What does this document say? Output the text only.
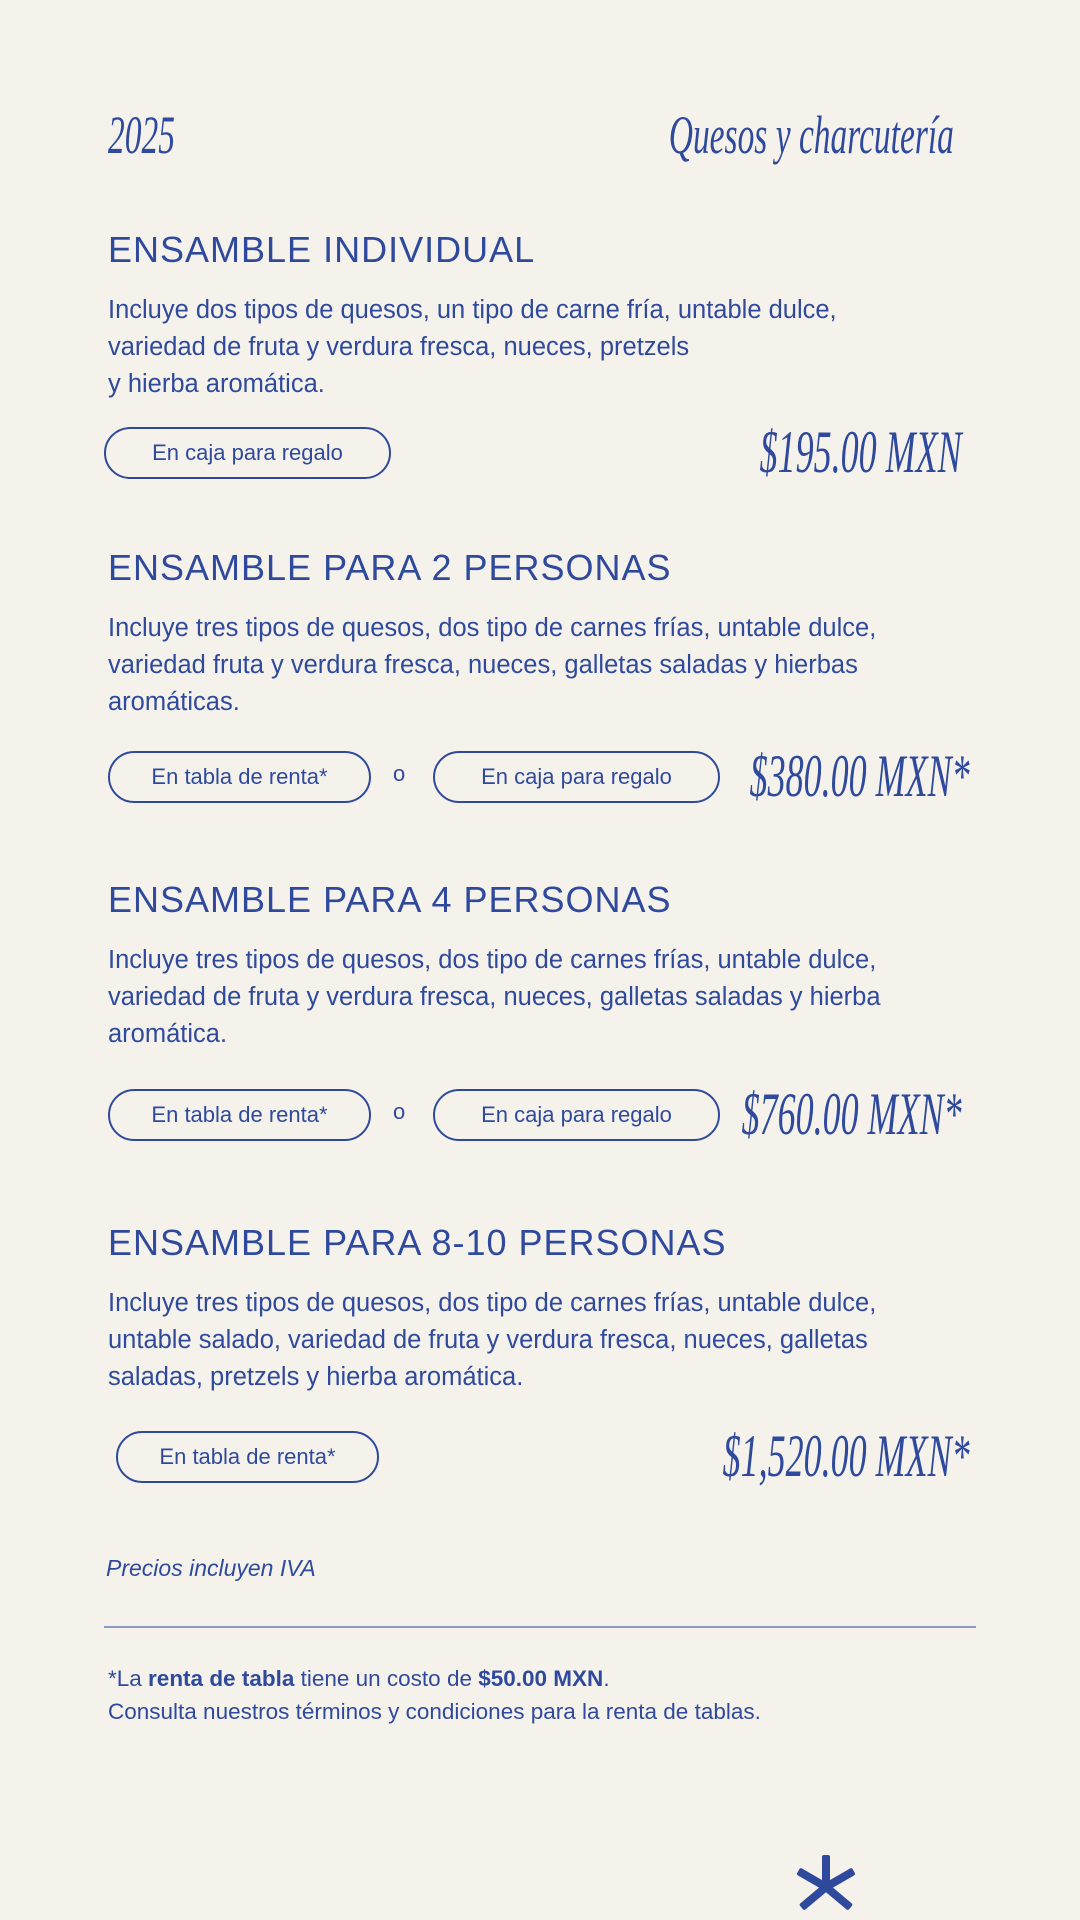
2025	Quesos y charcutería
ENSAMBLE INDIVIDUAL

Incluye dos tipos de quesos, un tipo de carne fría, untable dulce,
variedad de fruta y verdura fresca, nueces, pretzels
y hierba aromática.

En caja para regalo	$195.00 MXN
ENSAMBLE PARA 2 PERSONAS

Incluye tres tipos de quesos, dos tipo de carnes frías, untable dulce,
variedad fruta y verdura fresca, nueces, galletas saladas y hierbas
aromáticas.

En tabla de renta*	o	En caja para regalo	$380.00 MXN*
ENSAMBLE PARA 4 PERSONAS

Incluye tres tipos de quesos, dos tipo de carnes frías, untable dulce,
variedad de fruta y verdura fresca, nueces, galletas saladas y hierba
aromática.

En tabla de renta*	o	En caja para regalo	$760.00 MXN*
ENSAMBLE PARA 8-10 PERSONAS

Incluye tres tipos de quesos, dos tipo de carnes frías, untable dulce,
untable salado, variedad de fruta y verdura fresca, nueces, galletas
saladas, pretzels y hierba aromática.

En tabla de renta*	$1,520.00 MXN*
Precios incluyen IVA
*La renta de tabla tiene un costo de $50.00 MXN.
Consulta nuestros términos y condiciones para la renta de tablas.
